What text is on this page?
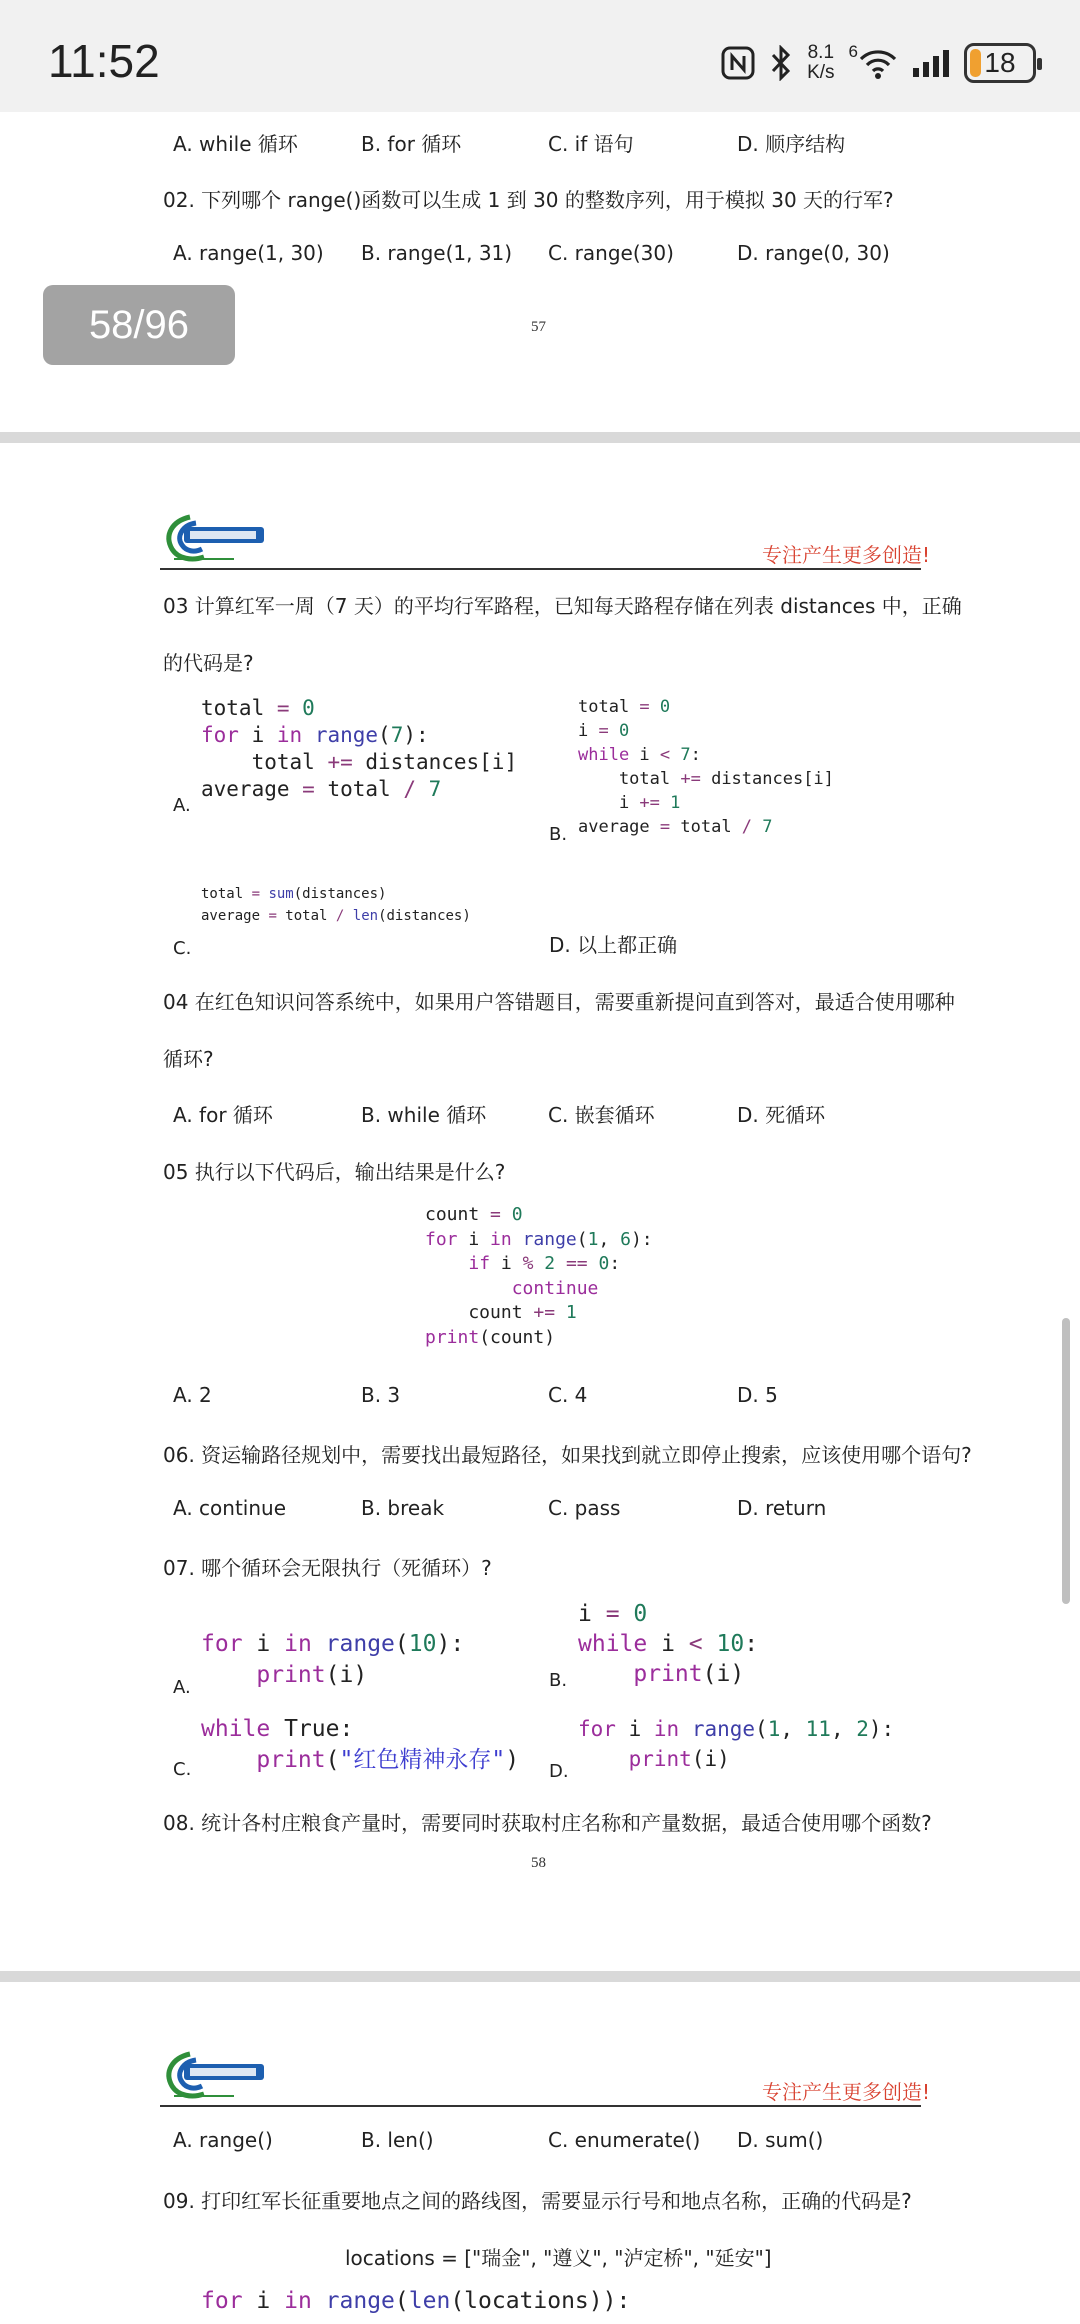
11:52	8.1
K/s
6	18
A. while 循环	B. for 循环	C. if 语句	D. 顺序结构
02. 下列哪个 range()函数可以生成 1 到 30 的整数序列，用于模拟 30 天的行军?
A. range(1, 30) B. range(1, 31) C. range(30)	D. range(0, 30)
57
58/96
专注产生更多创造!
03 计算红军一周（7 天）的平均行军路程，已知每天路程存储在列表 distances 中，正确
的代码是?
total = 0
for i in range(7):
total += distances[i]
average = total / 7
A.
total = 0
i = 0
while i < 7:
total += distances[i]
i += 1
average = total / 7
B.
total = sum(distances)
average = total / len(distances)
C.	D. 以上都正确
04 在红色知识问答系统中，如果用户答错题目，需要重新提问直到答对，最适合使用哪种
循环?
A. for 循环	B. while 循环	C. 嵌套循环	D. 死循环
05 执行以下代码后，输出结果是什么?
count = 0
for i in range(1, 6):
if i % 2 == 0:
continue
count += 1
print(count)
A. 2	B. 3	C. 4	D. 5
06. 资运输路径规划中，需要找出最短路径，如果找到就立即停止搜索，应该使用哪个语句?
A. continue	B. break	C. pass	D. return
07. 哪个循环会无限执行（死循环）?
for i in range(10):
print(i)
A.
i = 0
while i < 10:
print(i)
B.
while True:
print("红色精神永存")
C.
for i in range(1, 11, 2):
print(i)
D.
08. 统计各村庄粮食产量时，需要同时获取村庄名称和产量数据，最适合使用哪个函数?
58
专注产生更多创造!
A. range()	B. len()	C. enumerate() D. sum()
09. 打印红军长征重要地点之间的路线图，需要显示行号和地点名称，正确的代码是?
locations = ["瑞金", "遵义", "泸定桥", "延安"]
for i in range(len(locations)):
